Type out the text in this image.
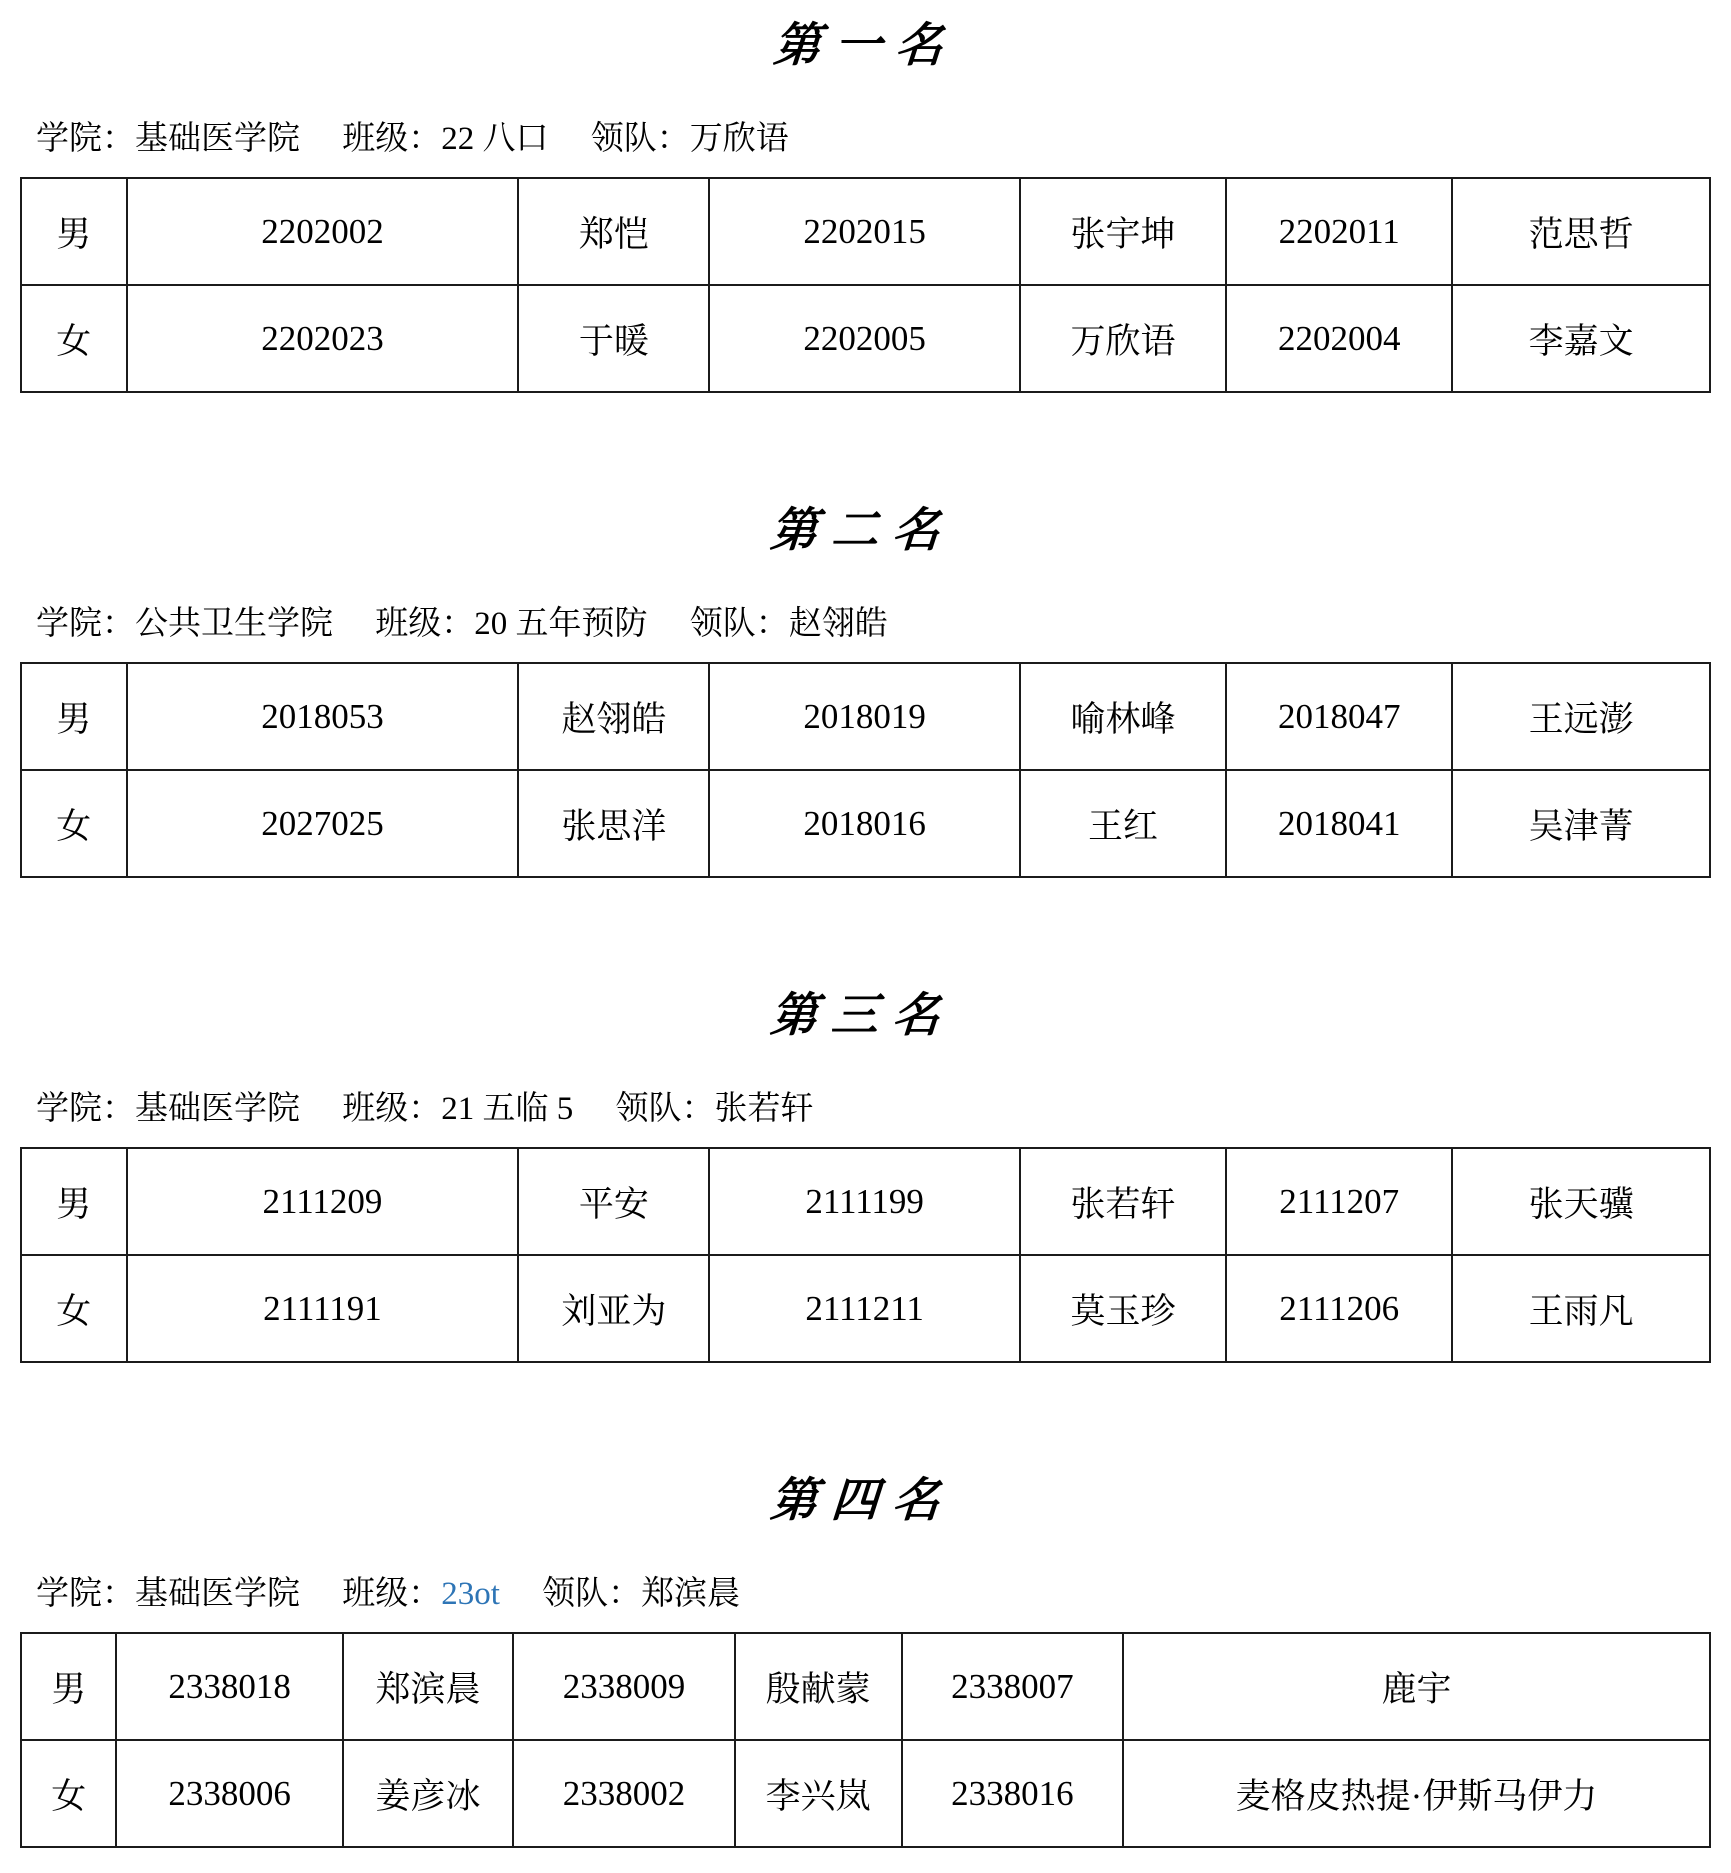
第一名

学院：基础医学院 班级：22 八口 领队：万欣语

男	2202002	郑恺	2202015	张宇坤	2202011	范思哲
女	2202023	于暖	2202005	万欣语	2202004	李嘉文
第二名

学院：公共卫生学院 班级：20 五年预防 领队：赵翎皓

男	2018053	赵翎皓	2018019	喻林峰	2018047	王远澎
女	2027025	张思洋	2018016	王红	2018041	吴津菁
第三名

学院：基础医学院 班级：21 五临 5 领队：张若轩

男	2111209	平安	2111199	张若轩	2111207	张天骥
女	2111191	刘亚为	2111211	莫玉珍	2111206	王雨凡
第四名

学院：基础医学院 班级：23ot 领队：郑滨晨

男	2338018	郑滨晨	2338009	殷献蒙	2338007	鹿宇
女	2338006	姜彦冰	2338002	李兴岚	2338016	麦格皮热提·伊斯马伊力
